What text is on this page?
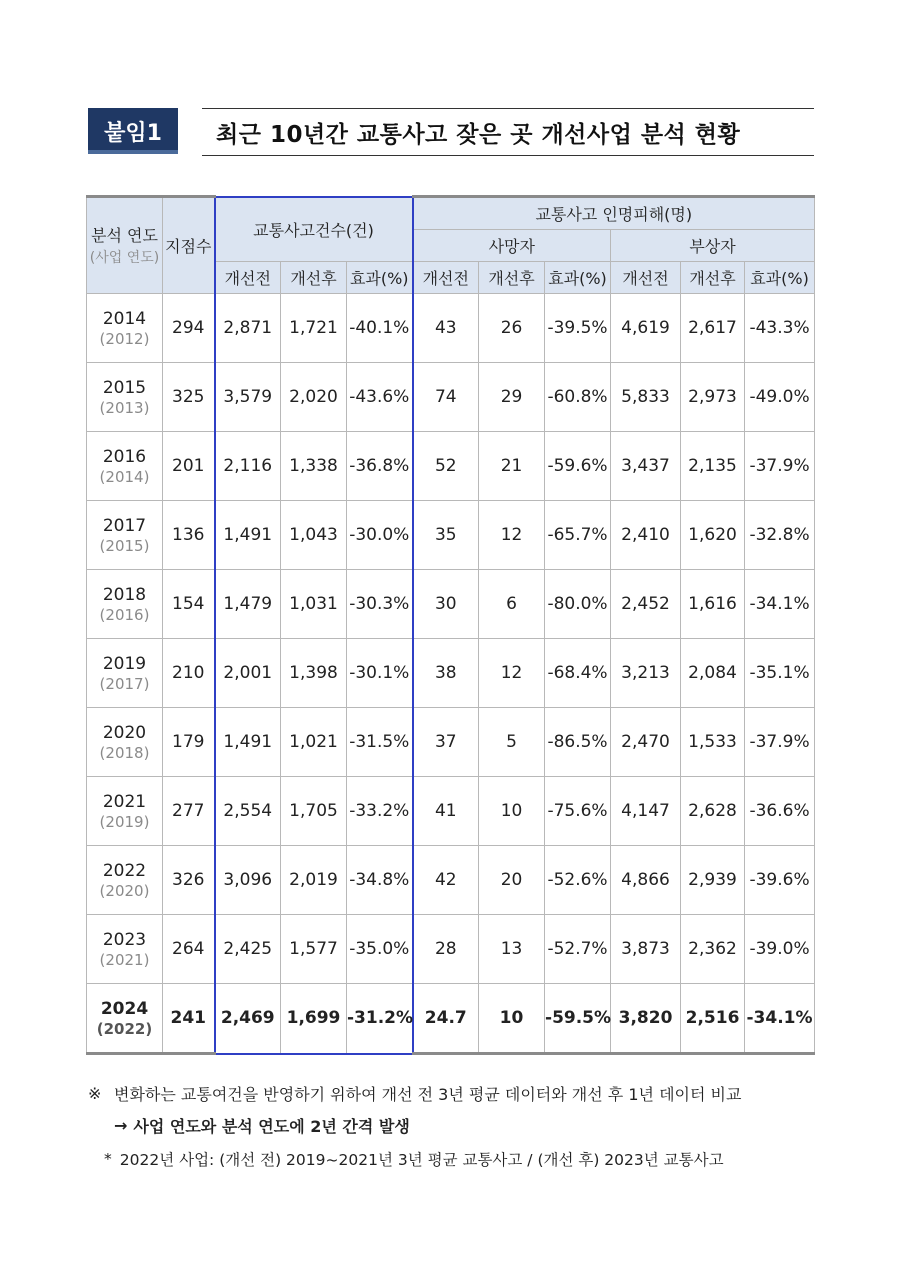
붙임1	최근 10년간 교통사고 잦은 곳 개선사업 분석 현황
분석 연도
(사업 연도)	지점수	교통사고건수(건)			교통사고 인명피해(명)					
					사망자			부상자		
		개선전	개선후	효과(%)	개선전	개선후	효과(%)	개선전	개선후	효과(%)
2014
(2012)	294	2,871	1,721	-40.1%	43	26	-39.5%	4,619	2,617	-43.3%
2015
(2013)	325	3,579	2,020	-43.6%	74	29	-60.8%	5,833	2,973	-49.0%
2016
(2014)	201	2,116	1,338	-36.8%	52	21	-59.6%	3,437	2,135	-37.9%
2017
(2015)	136	1,491	1,043	-30.0%	35	12	-65.7%	2,410	1,620	-32.8%
2018
(2016)	154	1,479	1,031	-30.3%	30	6	-80.0%	2,452	1,616	-34.1%
2019
(2017)	210	2,001	1,398	-30.1%	38	12	-68.4%	3,213	2,084	-35.1%
2020
(2018)	179	1,491	1,021	-31.5%	37	5	-86.5%	2,470	1,533	-37.9%
2021
(2019)	277	2,554	1,705	-33.2%	41	10	-75.6%	4,147	2,628	-36.6%
2022
(2020)	326	3,096	2,019	-34.8%	42	20	-52.6%	4,866	2,939	-39.6%
2023
(2021)	264	2,425	1,577	-35.0%	28	13	-52.7%	3,873	2,362	-39.0%
2024
(2022)	241	2,469	1,699	-31.2%	24.7	10	-59.5%	3,820	2,516	-34.1%
※ 변화하는 교통여건을 반영하기 위하여 개선 전 3년 평균 데이터와 개선 후 1년 데이터 비교
→ 사업 연도와 분석 연도에 2년 간격 발생
* 2022년 사업: (개선 전) 2019~2021년 3년 평균 교통사고 / (개선 후) 2023년 교통사고
